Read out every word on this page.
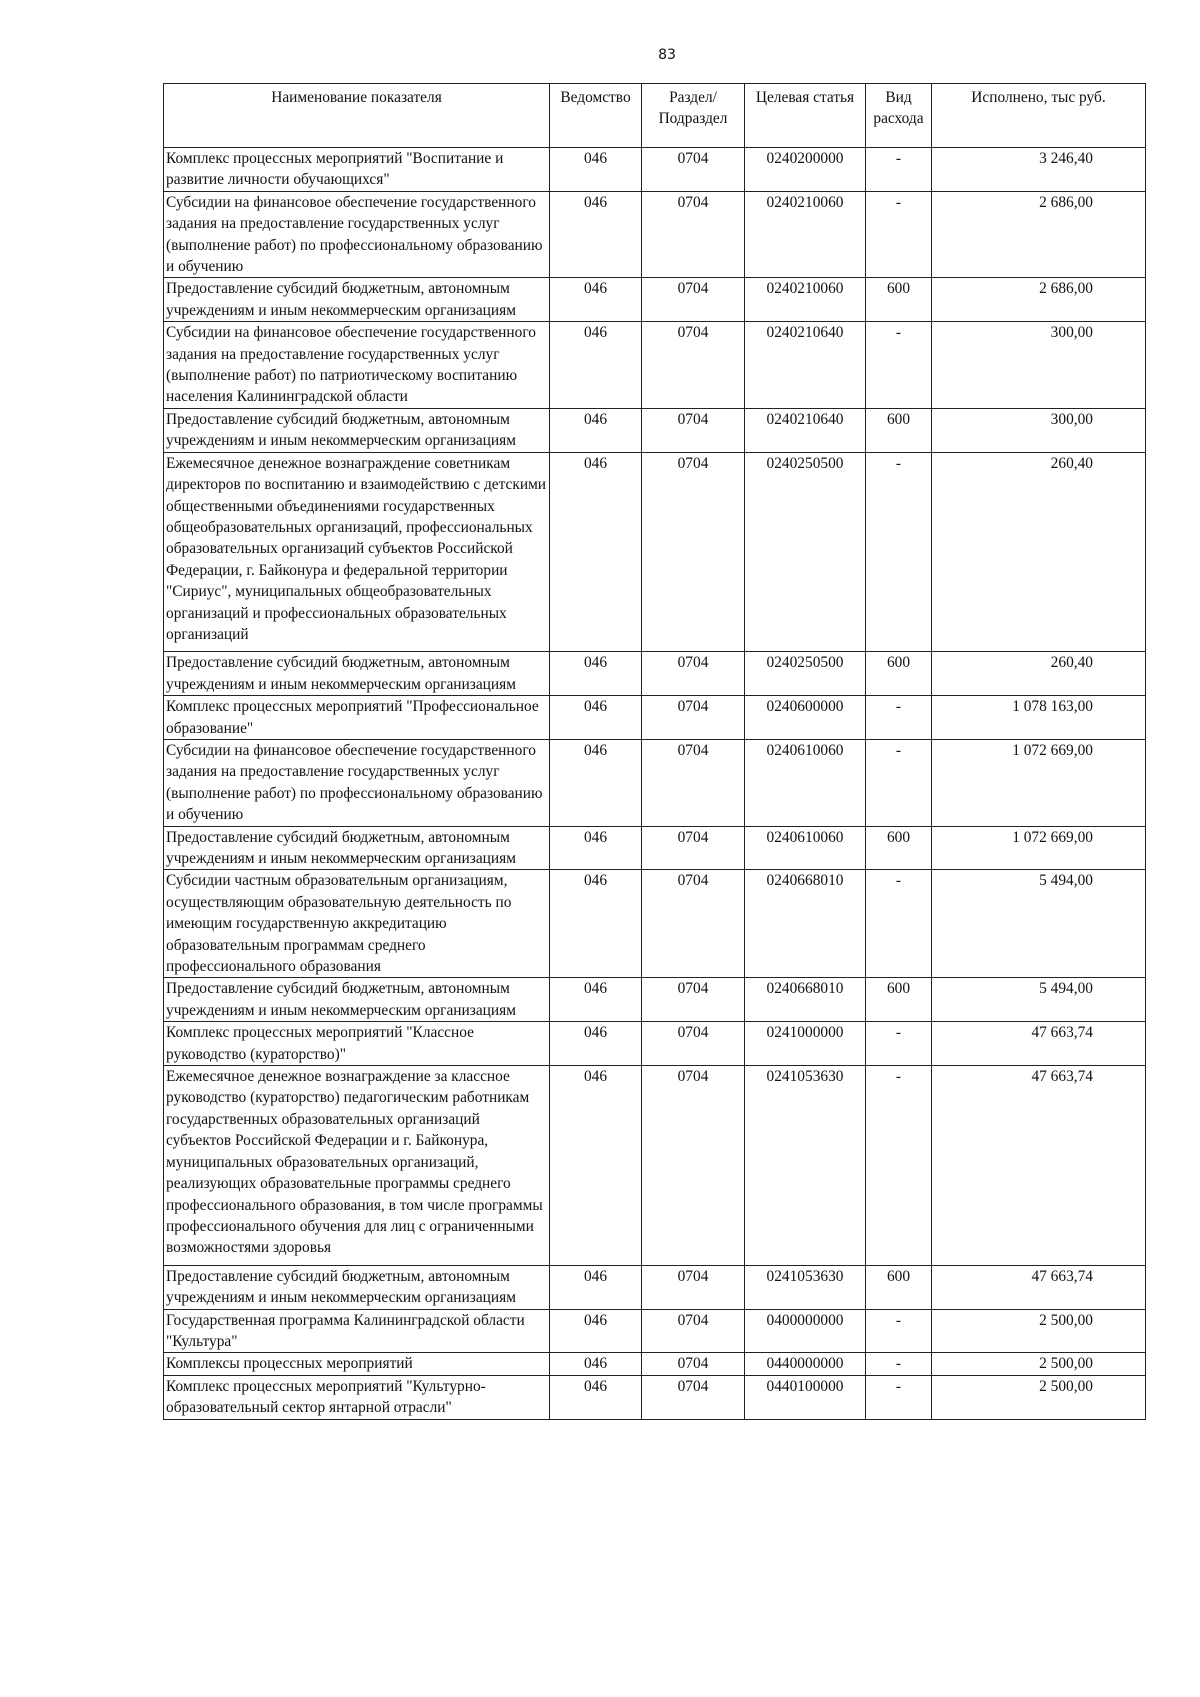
83
Наименование показателя	Ведомство	Раздел/ Подраздел	Целевая статья	Вид расхода	Исполнено, тыс руб.
Комплекс процессных мероприятий "Воспитание и развитие личности обучающихся"	046	0704	0240200000	-	3 246,40
Субсидии на финансовое обеспечение государственного задания на предоставление государственных услуг (выполнение работ) по профессиональному образованию и обучению	046	0704	0240210060	-	2 686,00
Предоставление субсидий бюджетным, автономным учреждениям и иным некоммерческим организациям	046	0704	0240210060	600	2 686,00
Субсидии на финансовое обеспечение государственного задания на предоставление государственных услуг (выполнение работ) по патриотическому воспитанию населения Калининградской области	046	0704	0240210640	-	300,00
Предоставление субсидий бюджетным, автономным учреждениям и иным некоммерческим организациям	046	0704	0240210640	600	300,00
Ежемесячное денежное вознаграждение советникам директоров по воспитанию и взаимодействию с детскими общественными объединениями государственных общеобразовательных организаций, профессиональных образовательных организаций субъектов Российской Федерации, г. Байконура и федеральной территории "Сириус", муниципальных общеобразовательных организаций и профессиональных образовательных организаций	046	0704	0240250500	-	260,40
Предоставление субсидий бюджетным, автономным учреждениям и иным некоммерческим организациям	046	0704	0240250500	600	260,40
Комплекс процессных мероприятий "Профессиональное образование"	046	0704	0240600000	-	1 078 163,00
Субсидии на финансовое обеспечение государственного задания на предоставление государственных услуг (выполнение работ) по профессиональному образованию и обучению	046	0704	0240610060	-	1 072 669,00
Предоставление субсидий бюджетным, автономным учреждениям и иным некоммерческим организациям	046	0704	0240610060	600	1 072 669,00
Субсидии частным образовательным организациям, осуществляющим образовательную деятельность по имеющим государственную аккредитацию образовательным программам среднего профессионального образования	046	0704	0240668010	-	5 494,00
Предоставление субсидий бюджетным, автономным учреждениям и иным некоммерческим организациям	046	0704	0240668010	600	5 494,00
Комплекс процессных мероприятий "Классное руководство (кураторство)"	046	0704	0241000000	-	47 663,74
Ежемесячное денежное вознаграждение за классное руководство (кураторство) педагогическим работникам государственных образовательных организаций субъектов Российской Федерации и г. Байконура, муниципальных образовательных организаций, реализующих образовательные программы среднего профессионального образования, в том числе программы профессионального обучения для лиц с ограниченными возможностями здоровья	046	0704	0241053630	-	47 663,74
Предоставление субсидий бюджетным, автономным учреждениям и иным некоммерческим организациям	046	0704	0241053630	600	47 663,74
Государственная программа Калининградской области "Культура"	046	0704	0400000000	-	2 500,00
Комплексы процессных мероприятий	046	0704	0440000000	-	2 500,00
Комплекс процессных мероприятий "Культурно-образовательный сектор янтарной отрасли"	046	0704	0440100000	-	2 500,00
